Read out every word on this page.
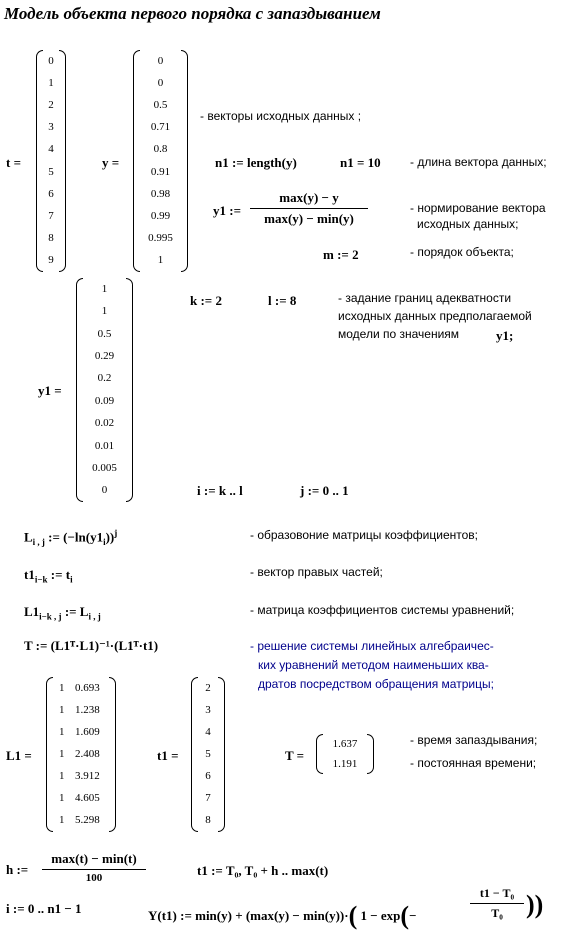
Модель объекта первого порядка с запаздыванием
t =
0
1
2
3
4
5
6
7
8
9
y =
0
0
0.5
0.71
0.8
0.91
0.98
0.99
0.995
1
- векторы исходных данных ;
n1 := length(y)	n1 = 10 - длина вектора данных;
y1 :=
max(y) − y
max(y) − min(y)
- нормирование вектора
исходных данных;
m := 2	- порядок объекта;
k := 2	l := 8	- задание границ адекватности
исходных данных предполагаемой
модели по значениям	y1;
y1 =
1
1
0.5
0.29
0.2
0.09
0.02
0.01
0.005
0	i := k .. l	j := 0 .. 1
$L_{i , j}$ := $(-\ln(y1_i))^j$	- образовоние матрицы коэффициентов;
$t1_{i-k}$ := $t_i$
- вектор правых частей;
$L1_{i-k , j}$ := $L_{i , j}$	- матрица коэффициентов системы уравнений;
T := (L1ᵀ·L1)⁻¹·(L1ᵀ·t1)	- решение системы линейных алгебраичес-
ких уравнений методом наименьших ква-
дратов посредством обращения матрицы;
L1 =
1 0.693
1 1.238
1 1.609
1 2.408
1 3.912
1 4.605
1 5.298
t1 =
2
3
4
5
6
7
8
T =
1.637
1.191
- время запаздывания;
- постоянная времени;
h :=
max(t) − min(t)
100	t1 := T₀, T₀ + h .. max(t)
i := 0 .. n1 − 1	Y(t1) := min(y) + (max(y) − min(y))·( 1 − exp(−
t1 − T₀
T₀ ))
